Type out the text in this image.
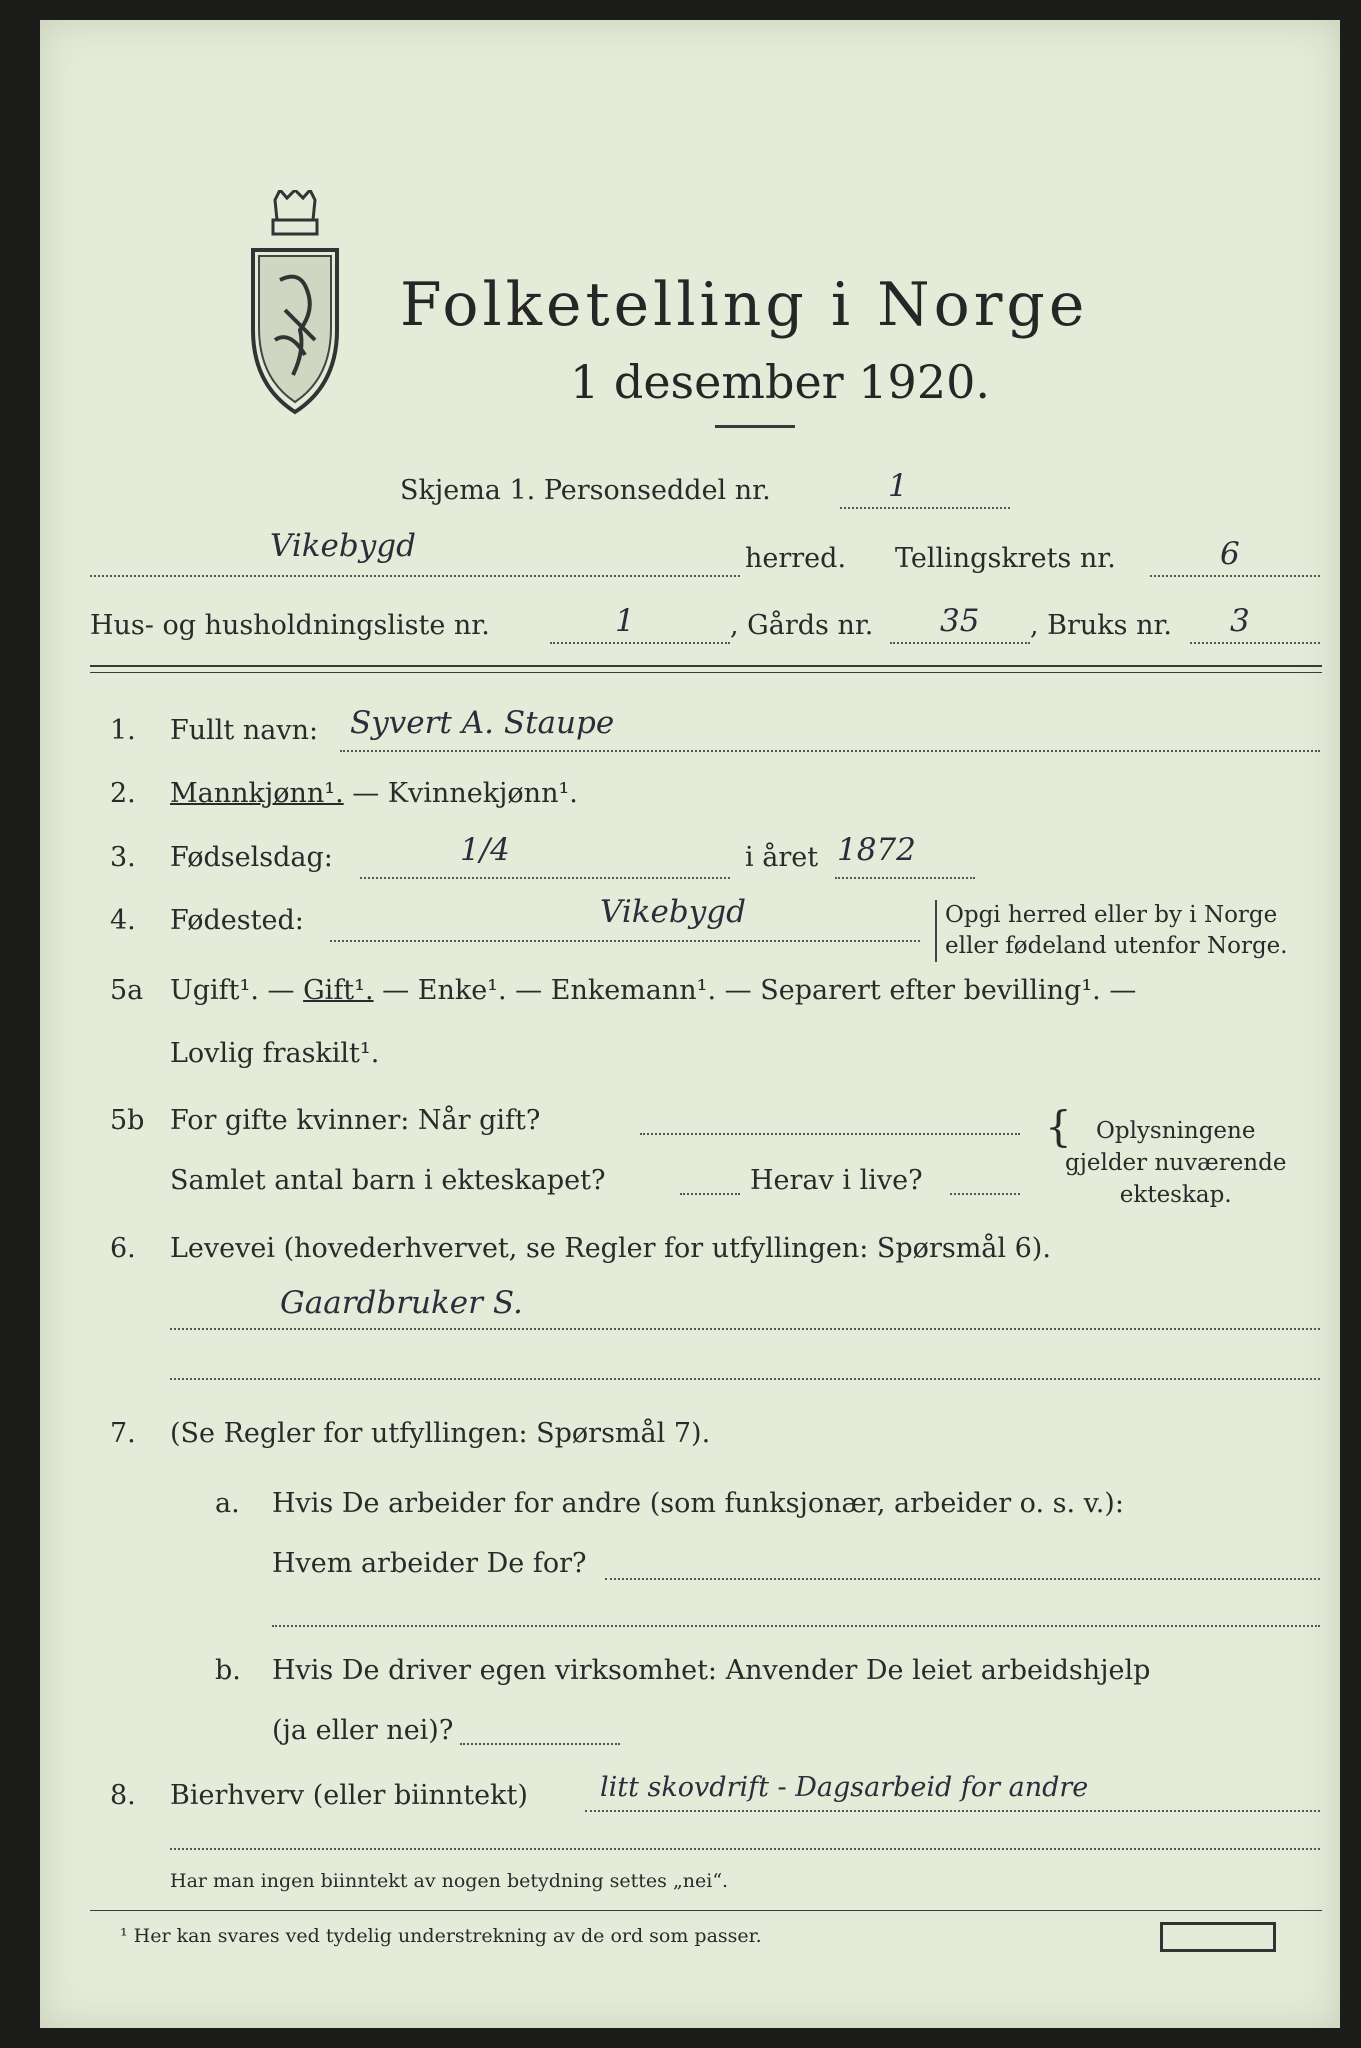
Folketelling i Norge
1 desember 1920.
Skjema 1. Personseddel nr.	1
Vikebygd	herred. Tellingskrets nr.	6
Hus- og husholdningsliste nr.	1	, Gårds nr. 35 , Bruks nr. 3
1. Fullt navn: Syvert A. Staupe
2. Mannkjønn¹. — Kvinnekjønn¹.
3. Fødselsdag:	1/4	i året 1872
4. Fødested:	Vikebygd	Opgi herred eller by i Norge
eller fødeland utenfor Norge.
5a Ugift¹. — Gift¹. — Enke¹. — Enkemann¹. — Separert efter bevilling¹. —
Lovlig fraskilt¹.
5b For gifte kvinner: Når gift?
Samlet antal barn i ekteskapet?	Herav i live?
{	Oplysningene
gjelder nuværende
ekteskap.
6. Levevei (hovederhvervet, se Regler for utfyllingen: Spørsmål 6).
Gaardbruker S.
7. (Se Regler for utfyllingen: Spørsmål 7).
a. Hvis De arbeider for andre (som funksjonær, arbeider o. s. v.):
Hvem arbeider De for?
b. Hvis De driver egen virksomhet: Anvender De leiet arbeidshjelp
(ja eller nei)?
8. Bierhverv (eller biinntekt)	litt skovdrift - Dagsarbeid for andre
Har man ingen biinntekt av nogen betydning settes „nei“.
¹ Her kan svares ved tydelig understrekning av de ord som passer.
